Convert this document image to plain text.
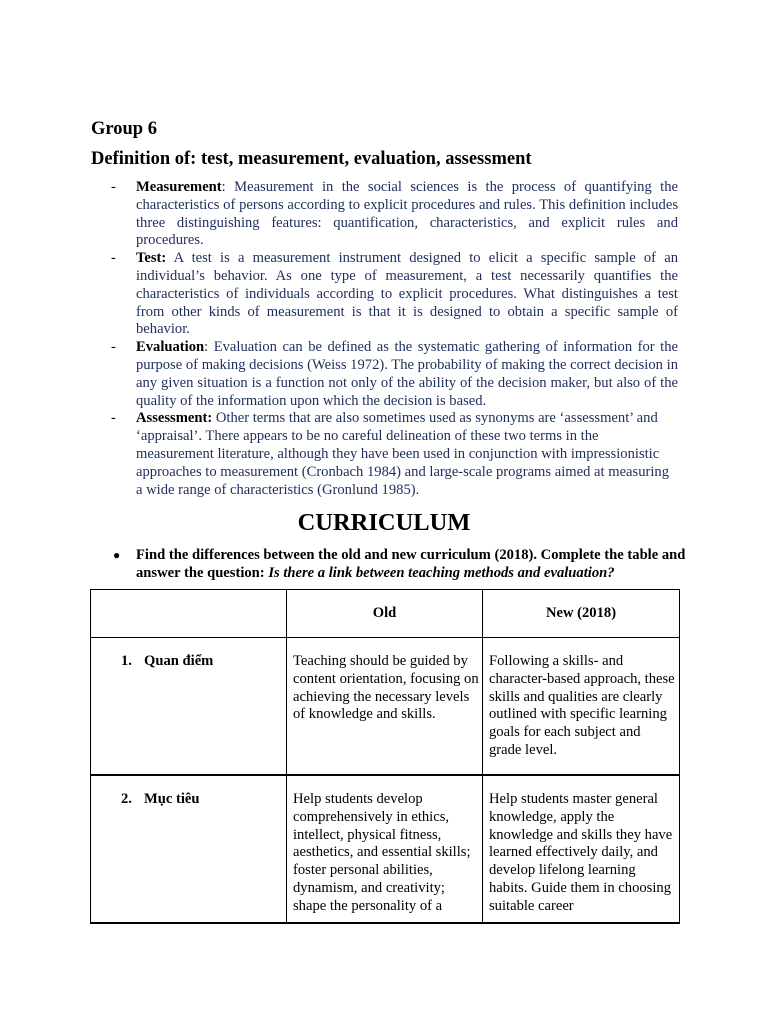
Group 6
Definition of: test, measurement, evaluation, assessment
- Measurement: Measurement in the social sciences is the process of quantifying the characteristics of persons according to explicit procedures and rules. This definition includes three distinguishing features: quantification, characteristics, and explicit rules and procedures.
- Test: A test is a measurement instrument designed to elicit a specific sample of an individual’s behavior. As one type of measurement, a test necessarily quantifies the characteristics of individuals according to explicit procedures. What distinguishes a test from other kinds of measurement is that it is designed to obtain a specific sample of behavior.
- Evaluation: Evaluation can be defined as the systematic gathering of information for the purpose of making decisions (Weiss 1972). The probability of making the correct decision in any given situation is a function not only of the ability of the decision maker, but also of the quality of the information upon which the decision is based.
- Assessment: Other terms that are also sometimes used as synonyms are ‘assessment’ and ‘appraisal’. There appears to be no careful delineation of these two terms in the measurement literature, although they have been used in conjunction with impressionistic approaches to measurement (Cronbach 1984) and large-scale programs aimed at measuring a wide range of characteristics (Gronlund 1985).
CURRICULUM
● Find the differences between the old and new curriculum (2018). Complete the table and answer the question: Is there a link between teaching methods and evaluation?
	Old	New (2018)

1. Quan điểm	Teaching should be guided by content orientation, focusing on achieving the necessary levels of knowledge and skills.	Following a skills- and character-based approach, these skills and qualities are clearly outlined with specific learning goals for each subject and grade level.

2. Mục tiêu	Help students develop comprehensively in ethics, intellect, physical fitness, aesthetics, and essential skills; foster personal abilities, dynamism, and creativity; shape the personality of a	Help students master general knowledge, apply the knowledge and skills they have learned effectively daily, and develop lifelong learning habits. Guide them in choosing suitable career
